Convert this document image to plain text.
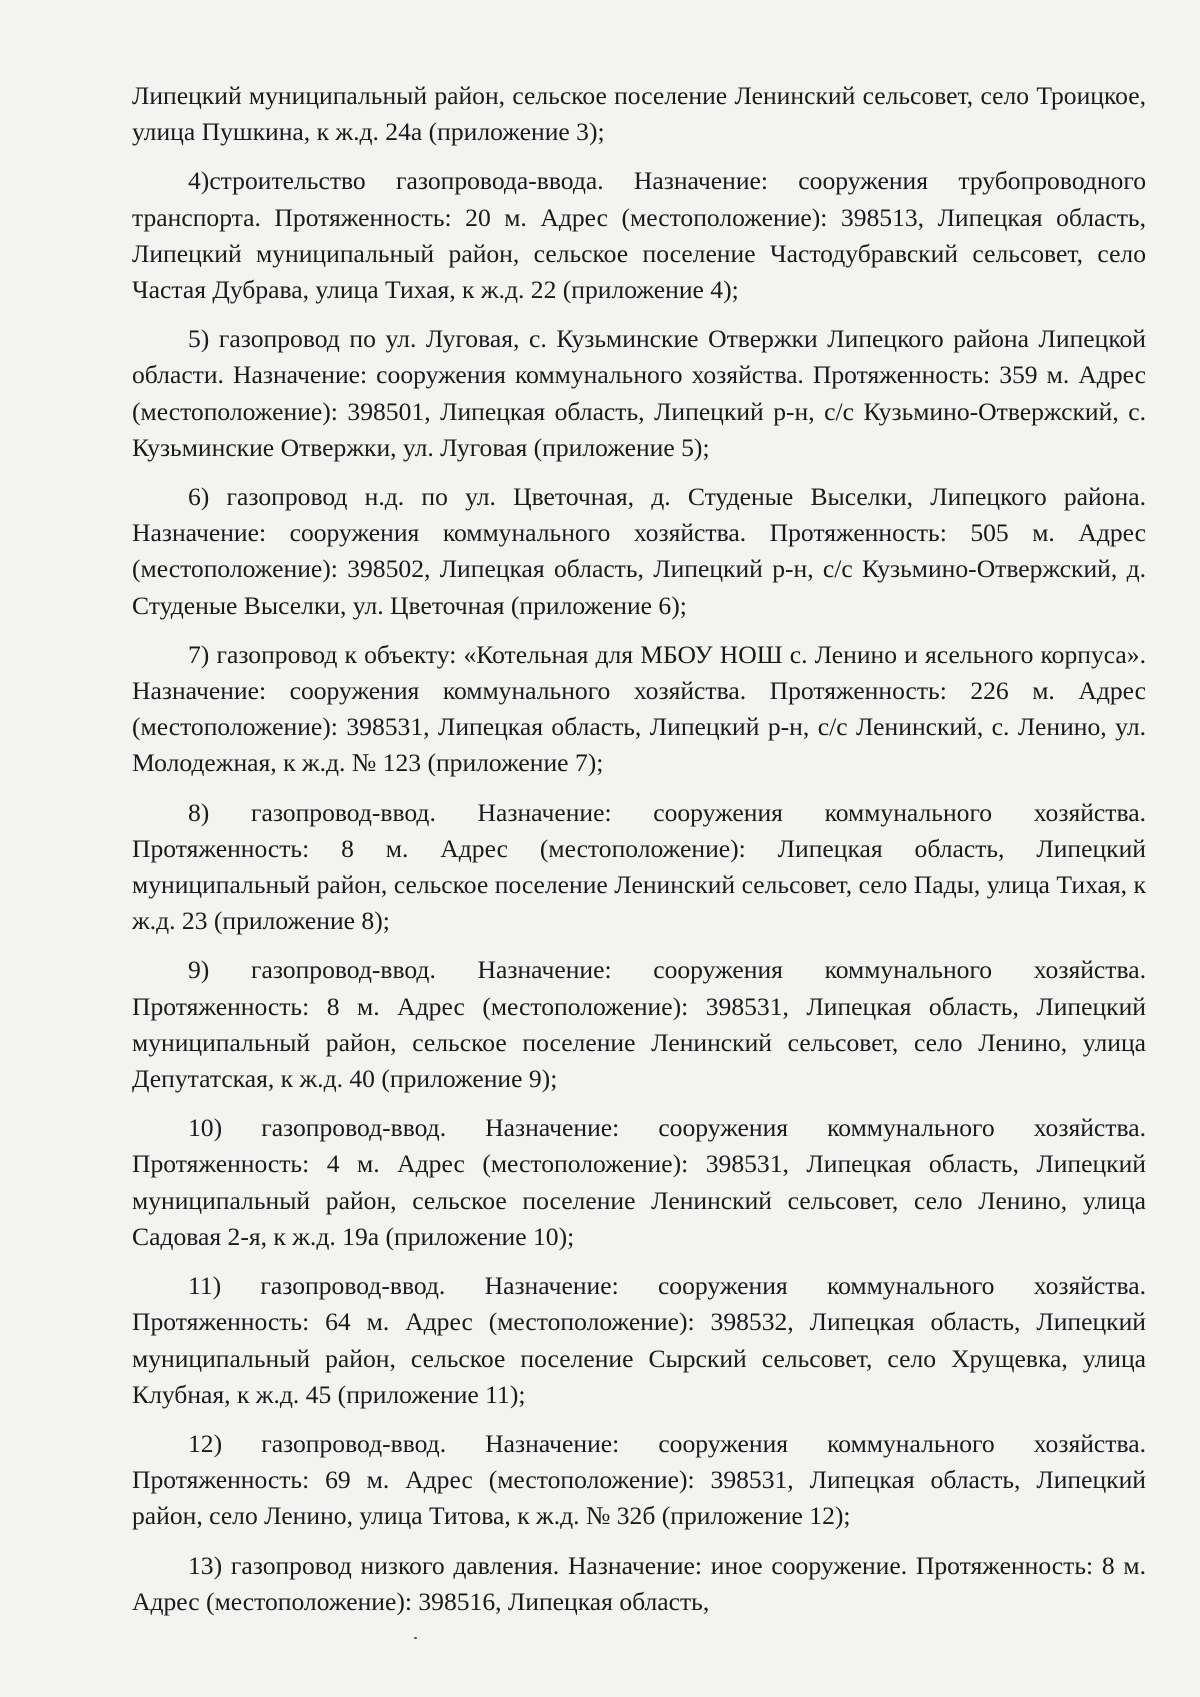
Липецкий муниципальный район, сельское поселение Ленинский сельсовет, село Троицкое, улица Пушкина, к ж.д. 24а (приложение 3);

4)строительство газопровода-ввода. Назначение: сооружения трубопроводного транспорта. Протяженность: 20 м. Адрес (местоположение): 398513, Липецкая область, Липецкий муниципальный район, сельское поселение Частодубравский сельсовет, село Частая Дубрава, улица Тихая, к ж.д. 22 (приложение 4);

5) газопровод по ул. Луговая, с. Кузьминские Отвержки Липецкого района Липецкой области. Назначение: сооружения коммунального хозяйства. Протяженность: 359 м. Адрес (местоположение): 398501, Липецкая область, Липецкий р-н, с/с Кузьмино-Отвержский, с. Кузьминские Отвержки, ул. Луговая (приложение 5);

6) газопровод н.д. по ул. Цветочная, д. Студеные Выселки, Липецкого района. Назначение: сооружения коммунального хозяйства. Протяженность: 505 м. Адрес (местоположение): 398502, Липецкая область, Липецкий р-н, с/с Кузьмино-Отвержский, д. Студеные Выселки, ул. Цветочная (приложение 6);

7) газопровод к объекту: «Котельная для МБОУ НОШ с. Ленино и ясельного корпуса». Назначение: сооружения коммунального хозяйства. Протяженность: 226 м. Адрес (местоположение): 398531, Липецкая область, Липецкий р-н, с/с Ленинский, с. Ленино, ул. Молодежная, к ж.д. № 123 (приложение 7);

8) газопровод-ввод. Назначение: сооружения коммунального хозяйства. Протяженность: 8 м. Адрес (местоположение): Липецкая область, Липецкий муниципальный район, сельское поселение Ленинский сельсовет, село Пады, улица Тихая, к ж.д. 23 (приложение 8);

9) газопровод-ввод. Назначение: сооружения коммунального хозяйства. Протяженность: 8 м. Адрес (местоположение): 398531, Липецкая область, Липецкий муниципальный район, сельское поселение Ленинский сельсовет, село Ленино, улица Депутатская, к ж.д. 40 (приложение 9);

10) газопровод-ввод. Назначение: сооружения коммунального хозяйства. Протяженность: 4 м. Адрес (местоположение): 398531, Липецкая область, Липецкий муниципальный район, сельское поселение Ленинский сельсовет, село Ленино, улица Садовая 2-я, к ж.д. 19а (приложение 10);

11) газопровод-ввод. Назначение: сооружения коммунального хозяйства. Протяженность: 64 м. Адрес (местоположение): 398532, Липецкая область, Липецкий муниципальный район, сельское поселение Сырский сельсовет, село Хрущевка, улица Клубная, к ж.д. 45 (приложение 11);

12) газопровод-ввод. Назначение: сооружения коммунального хозяйства. Протяженность: 69 м. Адрес (местоположение): 398531, Липецкая область, Липецкий район, село Ленино, улица Титова, к ж.д. № 32б (приложение 12);

13) газопровод низкого давления. Назначение: иное сооружение. Протяженность: 8 м. Адрес (местоположение): 398516, Липецкая область,
